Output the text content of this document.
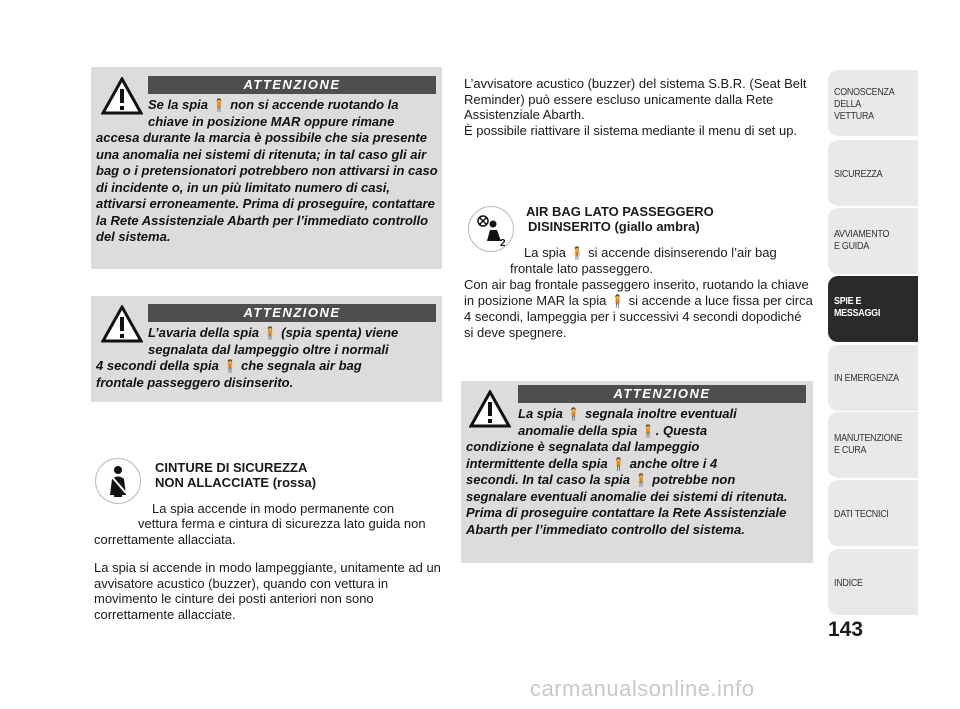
ATTENZIONE
Se la spia 🧍 non si accende ruotando la
chiave in posizione MAR oppure rimane
accesa durante la marcia è possibile che sia presente una anomalia nei sistemi di ritenuta; in tal caso gli air bag o i pretensionatori potrebbero non attivarsi in caso di incidente o, in un più limitato numero di casi, attivarsi erroneamente. Prima di proseguire, contattare la Rete Assistenziale Abarth per l’immediato controllo del sistema.
ATTENZIONE
L’avaria della spia 🧍 (spia spenta) viene
segnalata dal lampeggio oltre i normali
4 secondi della spia 🧍 che segnala air bag
frontale passeggero disinserito.
CINTURE DI SICUREZZA
NON ALLACCIATE (rossa)
La spia accende in modo permanente con
vettura ferma e cintura di sicurezza lato guida non correttamente allacciata.
La spia si accende in modo lampeggiante, unitamente ad un avvisatore acustico (buzzer), quando con vettura in movimento le cinture dei posti anteriori non sono correttamente allacciate.
L’avvisatore acustico (buzzer) del sistema S.B.R. (Seat Belt Reminder) può essere escluso unicamente dalla Rete Assistenziale Abarth.
È possibile riattivare il sistema mediante il menu di set up.
2
AIR BAG LATO PASSEGGERO
DISINSERITO (giallo ambra)
La spia 🧍 si accende disinserendo l’air bag
frontale lato passeggero.
Con air bag frontale passeggero inserito, ruotando la chiave in posizione MAR la spia 🧍 si accende a luce fissa per circa 4 secondi, lampeggia per i successivi 4 secondi dopodiché si deve spegnere.
ATTENZIONE
La spia 🧍 segnala inoltre eventuali
anomalie della spia 🧍. Questa
condizione è segnalata dal lampeggio
intermittente della spia 🧍 anche oltre i 4
secondi. In tal caso la spia 🧍 potrebbe non
segnalare eventuali anomalie dei sistemi di ritenuta. Prima di proseguire contattare la Rete Assistenziale Abarth per l’immediato controllo del sistema.
CONOSCENZA DELLA VETTURA
SICUREZZA
AVVIAMENTO E GUIDA
SPIE E MESSAGGI
IN EMERGENZA
MANUTENZIONE E CURA
DATI TECNICI
INDICE
143
carmanualsonline.info
